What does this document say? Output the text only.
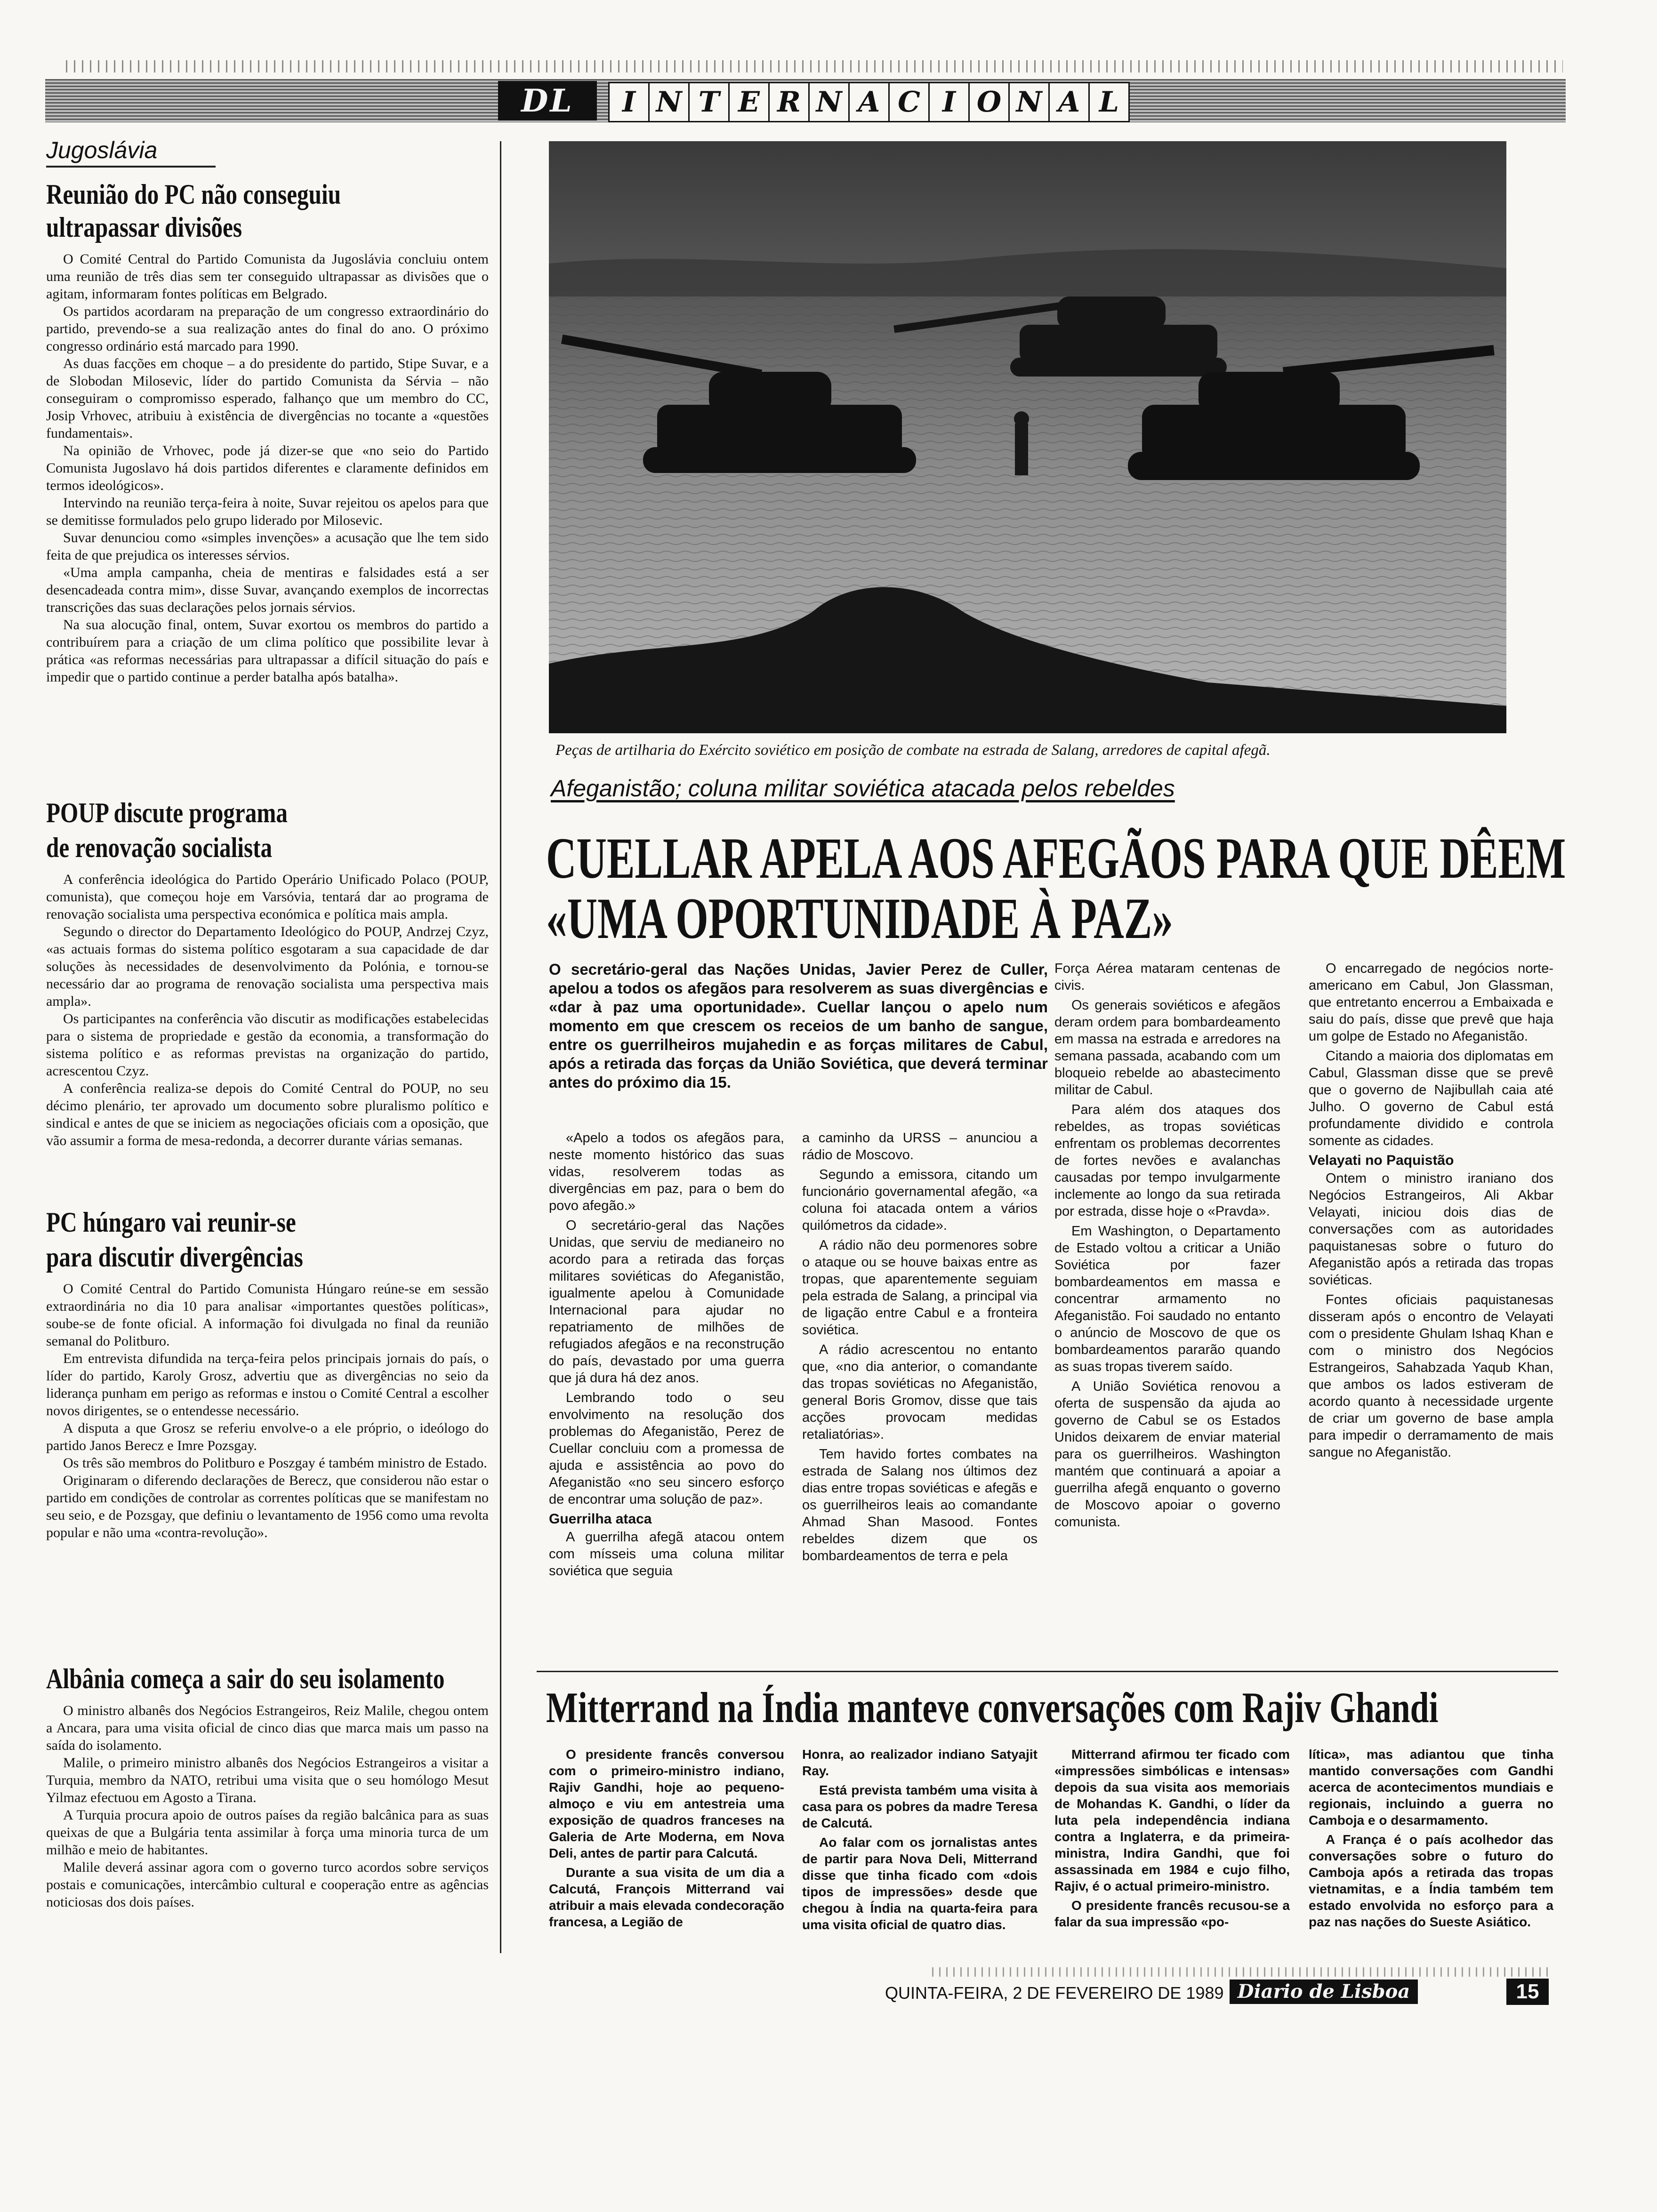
DL	I N T E R N A C I O N A L
Jugoslávia
Reunião do PC não conseguiu
ultrapassar divisões

O Comité Central do Partido Comunista da Jugoslávia concluiu ontem uma reunião de três dias sem ter conseguido ultrapassar as divisões que o agitam, informaram fontes políticas em Belgrado.

Os partidos acordaram na preparação de um congresso extraordinário do partido, prevendo-se a sua realização antes do final do ano. O próximo congresso ordinário está marcado para 1990.

As duas facções em choque – a do presidente do partido, Stipe Suvar, e a de Slobodan Milosevic, líder do partido Comunista da Sérvia – não conseguiram o compromisso esperado, falhanço que um membro do CC, Josip Vrhovec, atribuiu à existência de divergências no tocante a «questões fundamentais».

Na opinião de Vrhovec, pode já dizer-se que «no seio do Partido Comunista Jugoslavo há dois partidos diferentes e claramente definidos em termos ideológicos».

Intervindo na reunião terça-feira à noite, Suvar rejeitou os apelos para que se demitisse formulados pelo grupo liderado por Milosevic.

Suvar denunciou como «simples invenções» a acusação que lhe tem sido feita de que prejudica os interesses sérvios.

«Uma ampla campanha, cheia de mentiras e falsidades está a ser desencadeada contra mim», disse Suvar, avançando exemplos de incorrectas transcrições das suas declarações pelos jornais sérvios.

Na sua alocução final, ontem, Suvar exortou os membros do partido a contribuírem para a criação de um clima político que possibilite levar à prática «as reformas necessárias para ultrapassar a difícil situação do país e impedir que o partido continue a perder batalha após batalha».

POUP discute programa
de renovação socialista

A conferência ideológica do Partido Operário Unificado Polaco (POUP, comunista), que começou hoje em Varsóvia, tentará dar ao programa de renovação socialista uma perspectiva económica e política mais ampla.

Segundo o director do Departamento Ideológico do POUP, Andrzej Czyz, «as actuais formas do sistema político esgotaram a sua capacidade de dar soluções às necessidades de desenvolvimento da Polónia, e tornou-se necessário dar ao programa de renovação socialista uma perspectiva mais ampla».

Os participantes na conferência vão discutir as modificações estabelecidas para o sistema de propriedade e gestão da economia, a transformação do sistema político e as reformas previstas na organização do partido, acrescentou Czyz.

A conferência realiza-se depois do Comité Central do POUP, no seu décimo plenário, ter aprovado um documento sobre pluralismo político e sindical e antes de que se iniciem as negociações oficiais com a oposição, que vão assumir a forma de mesa-redonda, a decorrer durante várias semanas.

PC húngaro vai reunir-se
para discutir divergências

O Comité Central do Partido Comunista Húngaro reúne-se em sessão extraordinária no dia 10 para analisar «importantes questões políticas», soube-se de fonte oficial. A informação foi divulgada no final da reunião semanal do Politburo.

Em entrevista difundida na terça-feira pelos principais jornais do país, o líder do partido, Karoly Grosz, advertiu que as divergências no seio da liderança punham em perigo as reformas e instou o Comité Central a escolher novos dirigentes, se o entendesse necessário.

A disputa a que Grosz se referiu envolve-o a ele próprio, o ideólogo do partido Janos Berecz e Imre Pozsgay.

Os três são membros do Politburo e Poszgay é também ministro de Estado.

Originaram o diferendo declarações de Berecz, que considerou não estar o partido em condições de controlar as correntes políticas que se manifestam no seu seio, e de Pozsgay, que definiu o levantamento de 1956 como uma revolta popular e não uma «contra-revolução».

Albânia começa a sair do seu isolamento

O ministro albanês dos Negócios Estrangeiros, Reiz Malile, chegou ontem a Ancara, para uma visita oficial de cinco dias que marca mais um passo na saída do isolamento.

Malile, o primeiro ministro albanês dos Negócios Estrangeiros a visitar a Turquia, membro da NATO, retribui uma visita que o seu homólogo Mesut Yilmaz efectuou em Agosto a Tirana.

A Turquia procura apoio de outros países da região balcânica para as suas queixas de que a Bulgária tenta assimilar à força uma minoria turca de um milhão e meio de habitantes.

Malile deverá assinar agora com o governo turco acordos sobre serviços postais e comunicações, intercâmbio cultural e cooperação entre as agências noticiosas dos dois países.

Peças de artilharia do Exército soviético em posição de combate na estrada de Salang, arredores de capital afegã.
Afeganistão; coluna militar soviética atacada pelos rebeldes
CUELLAR APELA AOS AFEGÃOS PARA QUE DÊEM
«UMA OPORTUNIDADE À PAZ»
O secretário-geral das Nações Unidas, Javier Perez de Culler, apelou a todos os afegãos para resolverem as suas divergências e «dar à paz uma oportunidade». Cuellar lançou o apelo num momento em que crescem os receios de um banho de sangue, entre os guerrilheiros mujahedin e as forças militares de Cabul, após a retirada das forças da União Soviética, que deverá terminar antes do próximo dia 15.

«Apelo a todos os afegãos para, neste momento histórico das suas vidas, resolverem todas as divergências em paz, para o bem do povo afegão.»

O secretário-geral das Nações Unidas, que serviu de medianeiro no acordo para a retirada das forças militares soviéticas do Afeganistão, igualmente apelou à Comunidade Internacional para ajudar no repatriamento de milhões de refugiados afegãos e na reconstrução do país, devastado por uma guerra que já dura há dez anos.

Lembrando todo o seu envolvimento na resolução dos problemas do Afeganistão, Perez de Cuellar concluiu com a promessa de ajuda e assistência ao povo do Afeganistão «no seu sincero esforço de encontrar uma solução de paz».

Guerrilha ataca

A guerrilha afegã atacou ontem com mísseis uma coluna militar soviética que seguia

a caminho da URSS – anunciou a rádio de Moscovo.

Segundo a emissora, citando um funcionário governamental afegão, «a coluna foi atacada ontem a vários quilómetros da cidade».

A rádio não deu pormenores sobre o ataque ou se houve baixas entre as tropas, que aparentemente seguiam pela estrada de Salang, a principal via de ligação entre Cabul e a fronteira soviética.

A rádio acrescentou no entanto que, «no dia anterior, o comandante das tropas soviéticas no Afeganistão, general Boris Gromov, disse que tais acções provocam medidas retaliatórias».

Tem havido fortes combates na estrada de Salang nos últimos dez dias entre tropas soviéticas e afegãs e os guerrilheiros leais ao comandante Ahmad Shan Masood. Fontes rebeldes dizem que os bombardeamentos de terra e pela

Força Aérea mataram centenas de civis.

Os generais soviéticos e afegãos deram ordem para bombardeamento em massa na estrada e arredores na semana passada, acabando com um bloqueio rebelde ao abastecimento militar de Cabul.

Para além dos ataques dos rebeldes, as tropas soviéticas enfrentam os problemas decorrentes de fortes nevões e avalanchas causadas por tempo invulgarmente inclemente ao longo da sua retirada por estrada, disse hoje o «Pravda».

Em Washington, o Departamento de Estado voltou a criticar a União Soviética por fazer bombardeamentos em massa e concentrar armamento no Afeganistão. Foi saudado no entanto o anúncio de Moscovo de que os bombardeamentos pararão quando as suas tropas tiverem saído.

A União Soviética renovou a oferta de suspensão da ajuda ao governo de Cabul se os Estados Unidos deixarem de enviar material para os guerrilheiros. Washington mantém que continuará a apoiar a guerrilha afegã enquanto o governo de Moscovo apoiar o governo comunista.

O encarregado de negócios norte-americano em Cabul, Jon Glassman, que entretanto encerrou a Embaixada e saiu do país, disse que prevê que haja um golpe de Estado no Afeganistão.

Citando a maioria dos diplomatas em Cabul, Glassman disse que se prevê que o governo de Najibullah caia até Julho. O governo de Cabul está profundamente dividido e controla somente as cidades.

Velayati no Paquistão

Ontem o ministro iraniano dos Negócios Estrangeiros, Ali Akbar Velayati, iniciou dois dias de conversações com as autoridades paquistanesas sobre o futuro do Afeganistão após a retirada das tropas soviéticas.

Fontes oficiais paquistanesas disseram após o encontro de Velayati com o presidente Ghulam Ishaq Khan e com o ministro dos Negócios Estrangeiros, Sahabzada Yaqub Khan, que ambos os lados estiveram de acordo quanto à necessidade urgente de criar um governo de base ampla para impedir o derramamento de mais sangue no Afeganistão.

Mitterrand na Índia manteve conversações com Rajiv Ghandi

O presidente francês conversou com o primeiro-ministro indiano, Rajiv Gandhi, hoje ao pequeno-almoço e viu em antestreia uma exposição de quadros franceses na Galeria de Arte Moderna, em Nova Deli, antes de partir para Calcutá.

Durante a sua visita de um dia a Calcutá, François Mitterrand vai atribuir a mais elevada condecoração francesa, a Legião de

Honra, ao realizador indiano Satyajit Ray.

Está prevista também uma visita à casa para os pobres da madre Teresa de Calcutá.

Ao falar com os jornalistas antes de partir para Nova Deli, Mitterrand disse que tinha ficado com «dois tipos de impressões» desde que chegou à Índia na quarta-feira para uma visita oficial de quatro dias.

Mitterrand afirmou ter ficado com «impressões simbólicas e intensas» depois da sua visita aos memoriais de Mohandas K. Gandhi, o líder da luta pela independência indiana contra a Inglaterra, e da primeira-ministra, Indira Gandhi, que foi assassinada em 1984 e cujo filho, Rajiv, é o actual primeiro-ministro.

O presidente francês recusou-se a falar da sua impressão «po-

lítica», mas adiantou que tinha mantido conversações com Gandhi acerca de acontecimentos mundiais e regionais, incluindo a guerra no Camboja e o desarmamento.

A França é o país acolhedor das conversações sobre o futuro do Camboja após a retirada das tropas vietnamitas, e a Índia também tem estado envolvida no esforço para a paz nas nações do Sueste Asiático.

QUINTA-FEIRA, 2 DE FEVEREIRO DE 1989 Diario de Lisboa	15
